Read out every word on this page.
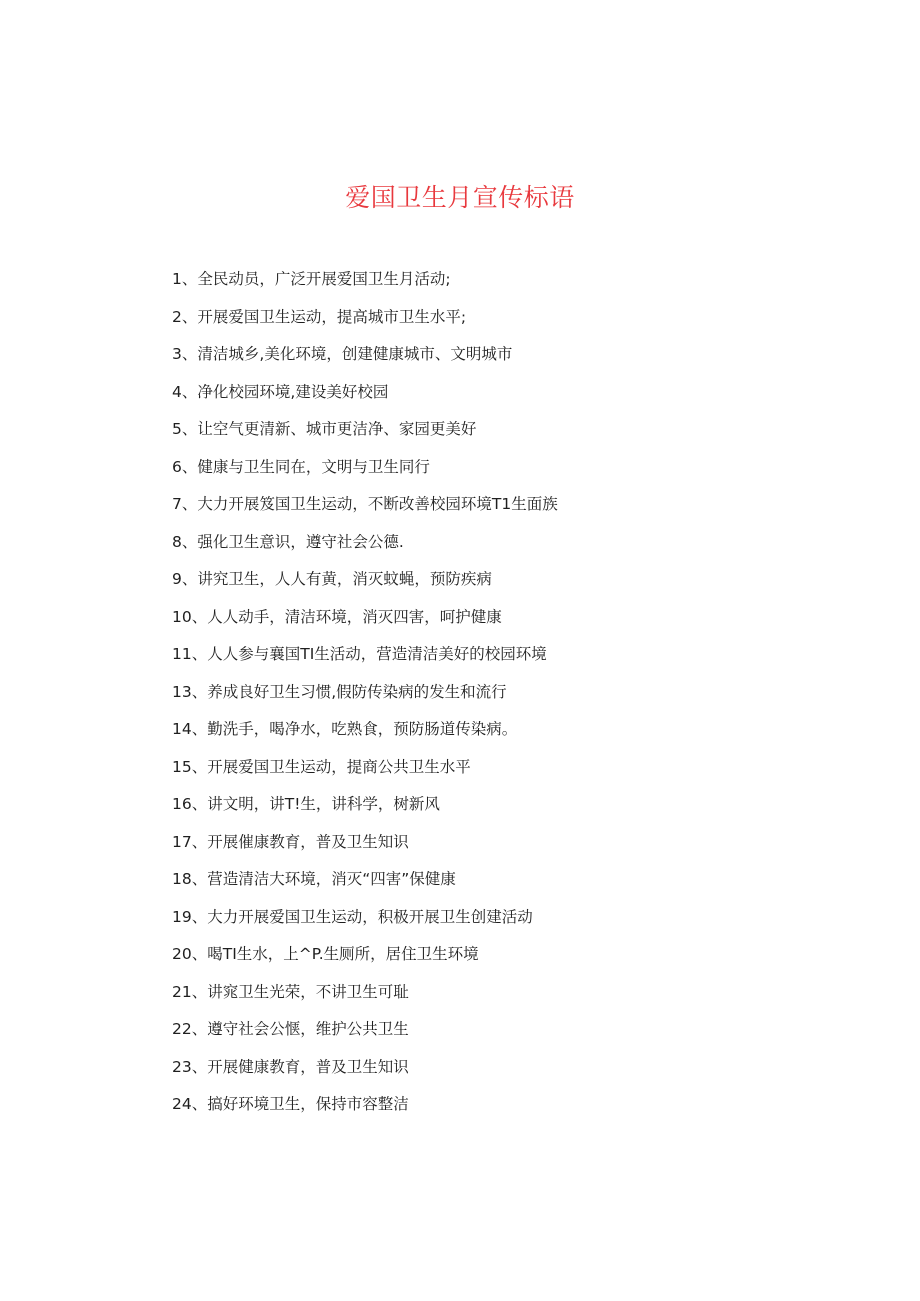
爱国卫生月宣传标语
1、全民动员，广泛开展爱国卫生月活动;
2、开展爱国卫生运动，提高城市卫生水平;
3、清洁城乡,美化环境，创建健康城市、文明城市
4、净化校园环境,建设美好校园
5、让空气更清新、城市更洁净、家园更美好
6、健康与卫生同在，文明与卫生同行
7、大力开展笈国卫生运动，不断改善校园环境T1生面族
8、强化卫生意识，遵守社会公德.
9、讲究卫生，人人有黄，消灭蚊蝇，预防疾病
10、人人动手，清洁环境，消灭四害，呵护健康
11、人人参与襄国TI生活动，营造清洁美好的校园环境
13、养成良好卫生习惯,假防传染病的发生和流行
14、勤洗手，喝净水，吃熟食，预防肠道传染病。
15、开展爱国卫生运动，提商公共卫生水平
16、讲文明，讲T!生，讲科学，树新风
17、开展催康教育，普及卫生知识
18、营造清洁大环境，消灭“四害”保健康
19、大力开展爱国卫生运动，积极开展卫生创建活动
20、喝TI生水，上^P.生厕所，居住卫生环境
21、讲窕卫生光荣，不讲卫生可耻
22、遵守社会公惬，维护公共卫生
23、开展健康教育，普及卫生知识
24、搞好环境卫生，保持市容整洁
